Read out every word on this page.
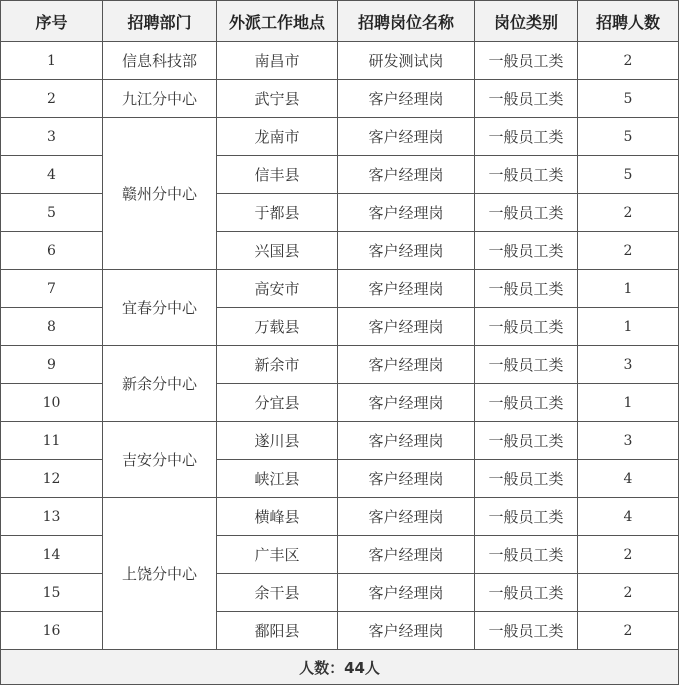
序号	招聘部门	外派工作地点	招聘岗位名称	岗位类别	招聘人数
1	信息科技部	南昌市	研发测试岗	一般员工类	2
2	九江分中心	武宁县	客户经理岗	一般员工类	5
3	赣州分中心	龙南市	客户经理岗	一般员工类	5
4		信丰县	客户经理岗	一般员工类	5
5		于都县	客户经理岗	一般员工类	2
6		兴国县	客户经理岗	一般员工类	2
7	宜春分中心	高安市	客户经理岗	一般员工类	1
8		万载县	客户经理岗	一般员工类	1
9	新余分中心	新余市	客户经理岗	一般员工类	3
10		分宜县	客户经理岗	一般员工类	1
11	吉安分中心	遂川县	客户经理岗	一般员工类	3
12		峡江县	客户经理岗	一般员工类	4
13	上饶分中心	横峰县	客户经理岗	一般员工类	4
14		广丰区	客户经理岗	一般员工类	2
15		余干县	客户经理岗	一般员工类	2
16		鄱阳县	客户经理岗	一般员工类	2
人数：44人					
